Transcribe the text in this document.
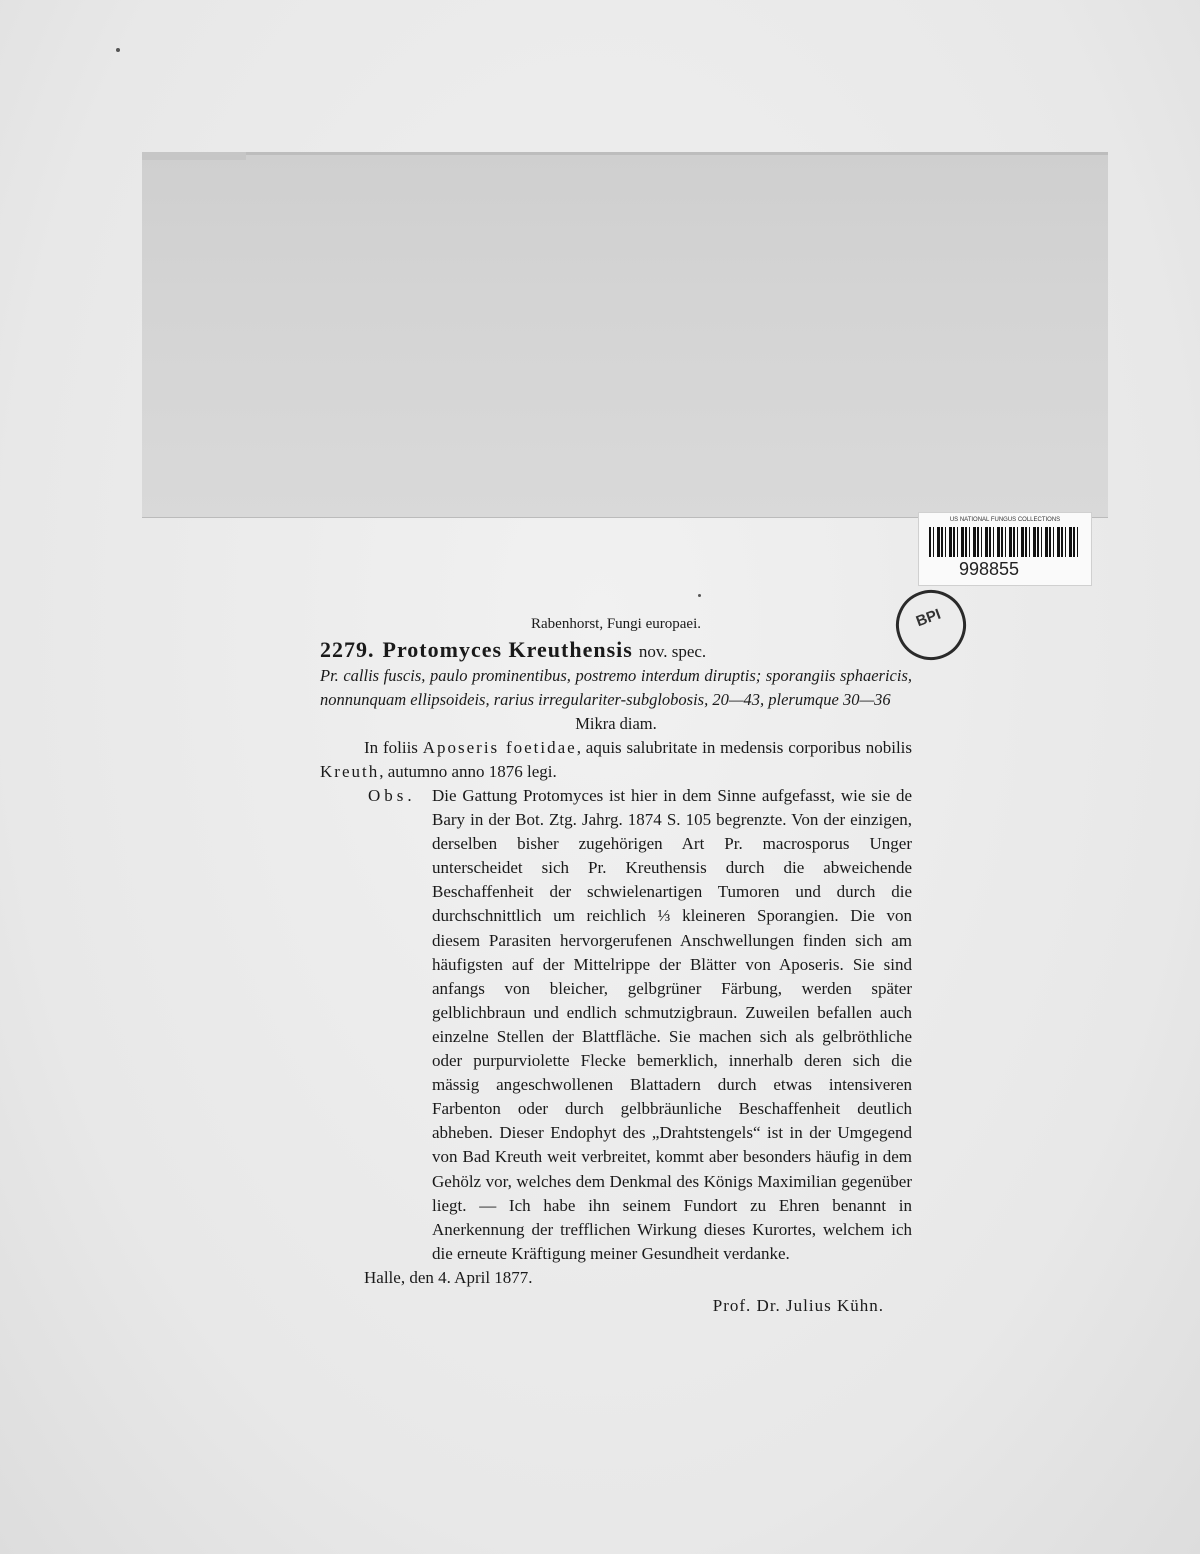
US NATIONAL FUNGUS COLLECTIONS
998855
BPI
Rabenhorst, Fungi europaei.
2279. Protomyces Kreuthensis nov. spec.
Pr. callis fuscis, paulo prominentibus, postremo interdum diruptis; sporangiis sphaericis, nonnunquam ellipsoideis, rarius irregulariter-subglobosis, 20—43, plerumque 30—36
Mikra diam.
In foliis Aposeris foetidae, aquis salubritate in medensis corporibus nobilis Kreuth, autumno anno 1876 legi.
Obs. Die Gattung Protomyces ist hier in dem Sinne aufgefasst, wie sie de Bary in der Bot. Ztg. Jahrg. 1874 S. 105 begrenzte. Von der einzigen, derselben bisher zugehörigen Art Pr. macrosporus Unger unterscheidet sich Pr. Kreuthensis durch die abweichende Beschaffenheit der schwielenartigen Tumoren und durch die durchschnittlich um reichlich ⅓ kleineren Sporangien. Die von diesem Parasiten hervorgerufenen Anschwellungen finden sich am häufigsten auf der Mittelrippe der Blätter von Aposeris. Sie sind anfangs von bleicher, gelbgrüner Färbung, werden später gelblichbraun und endlich schmutzigbraun. Zuweilen befallen auch einzelne Stellen der Blattfläche. Sie machen sich als gelbröthliche oder purpurviolette Flecke bemerklich, innerhalb deren sich die mässig angeschwollenen Blattadern durch etwas intensiveren Farbenton oder durch gelbbräunliche Beschaffenheit deutlich abheben. Dieser Endophyt des „Drahtstengels“ ist in der Umgegend von Bad Kreuth weit verbreitet, kommt aber besonders häufig in dem Gehölz vor, welches dem Denkmal des Königs Maximilian gegenüber liegt. — Ich habe ihn seinem Fundort zu Ehren benannt in Anerkennung der trefflichen Wirkung dieses Kurortes, welchem ich die erneute Kräftigung meiner Gesundheit verdanke.
Halle, den 4. April 1877.
Prof. Dr. Julius Kühn.
